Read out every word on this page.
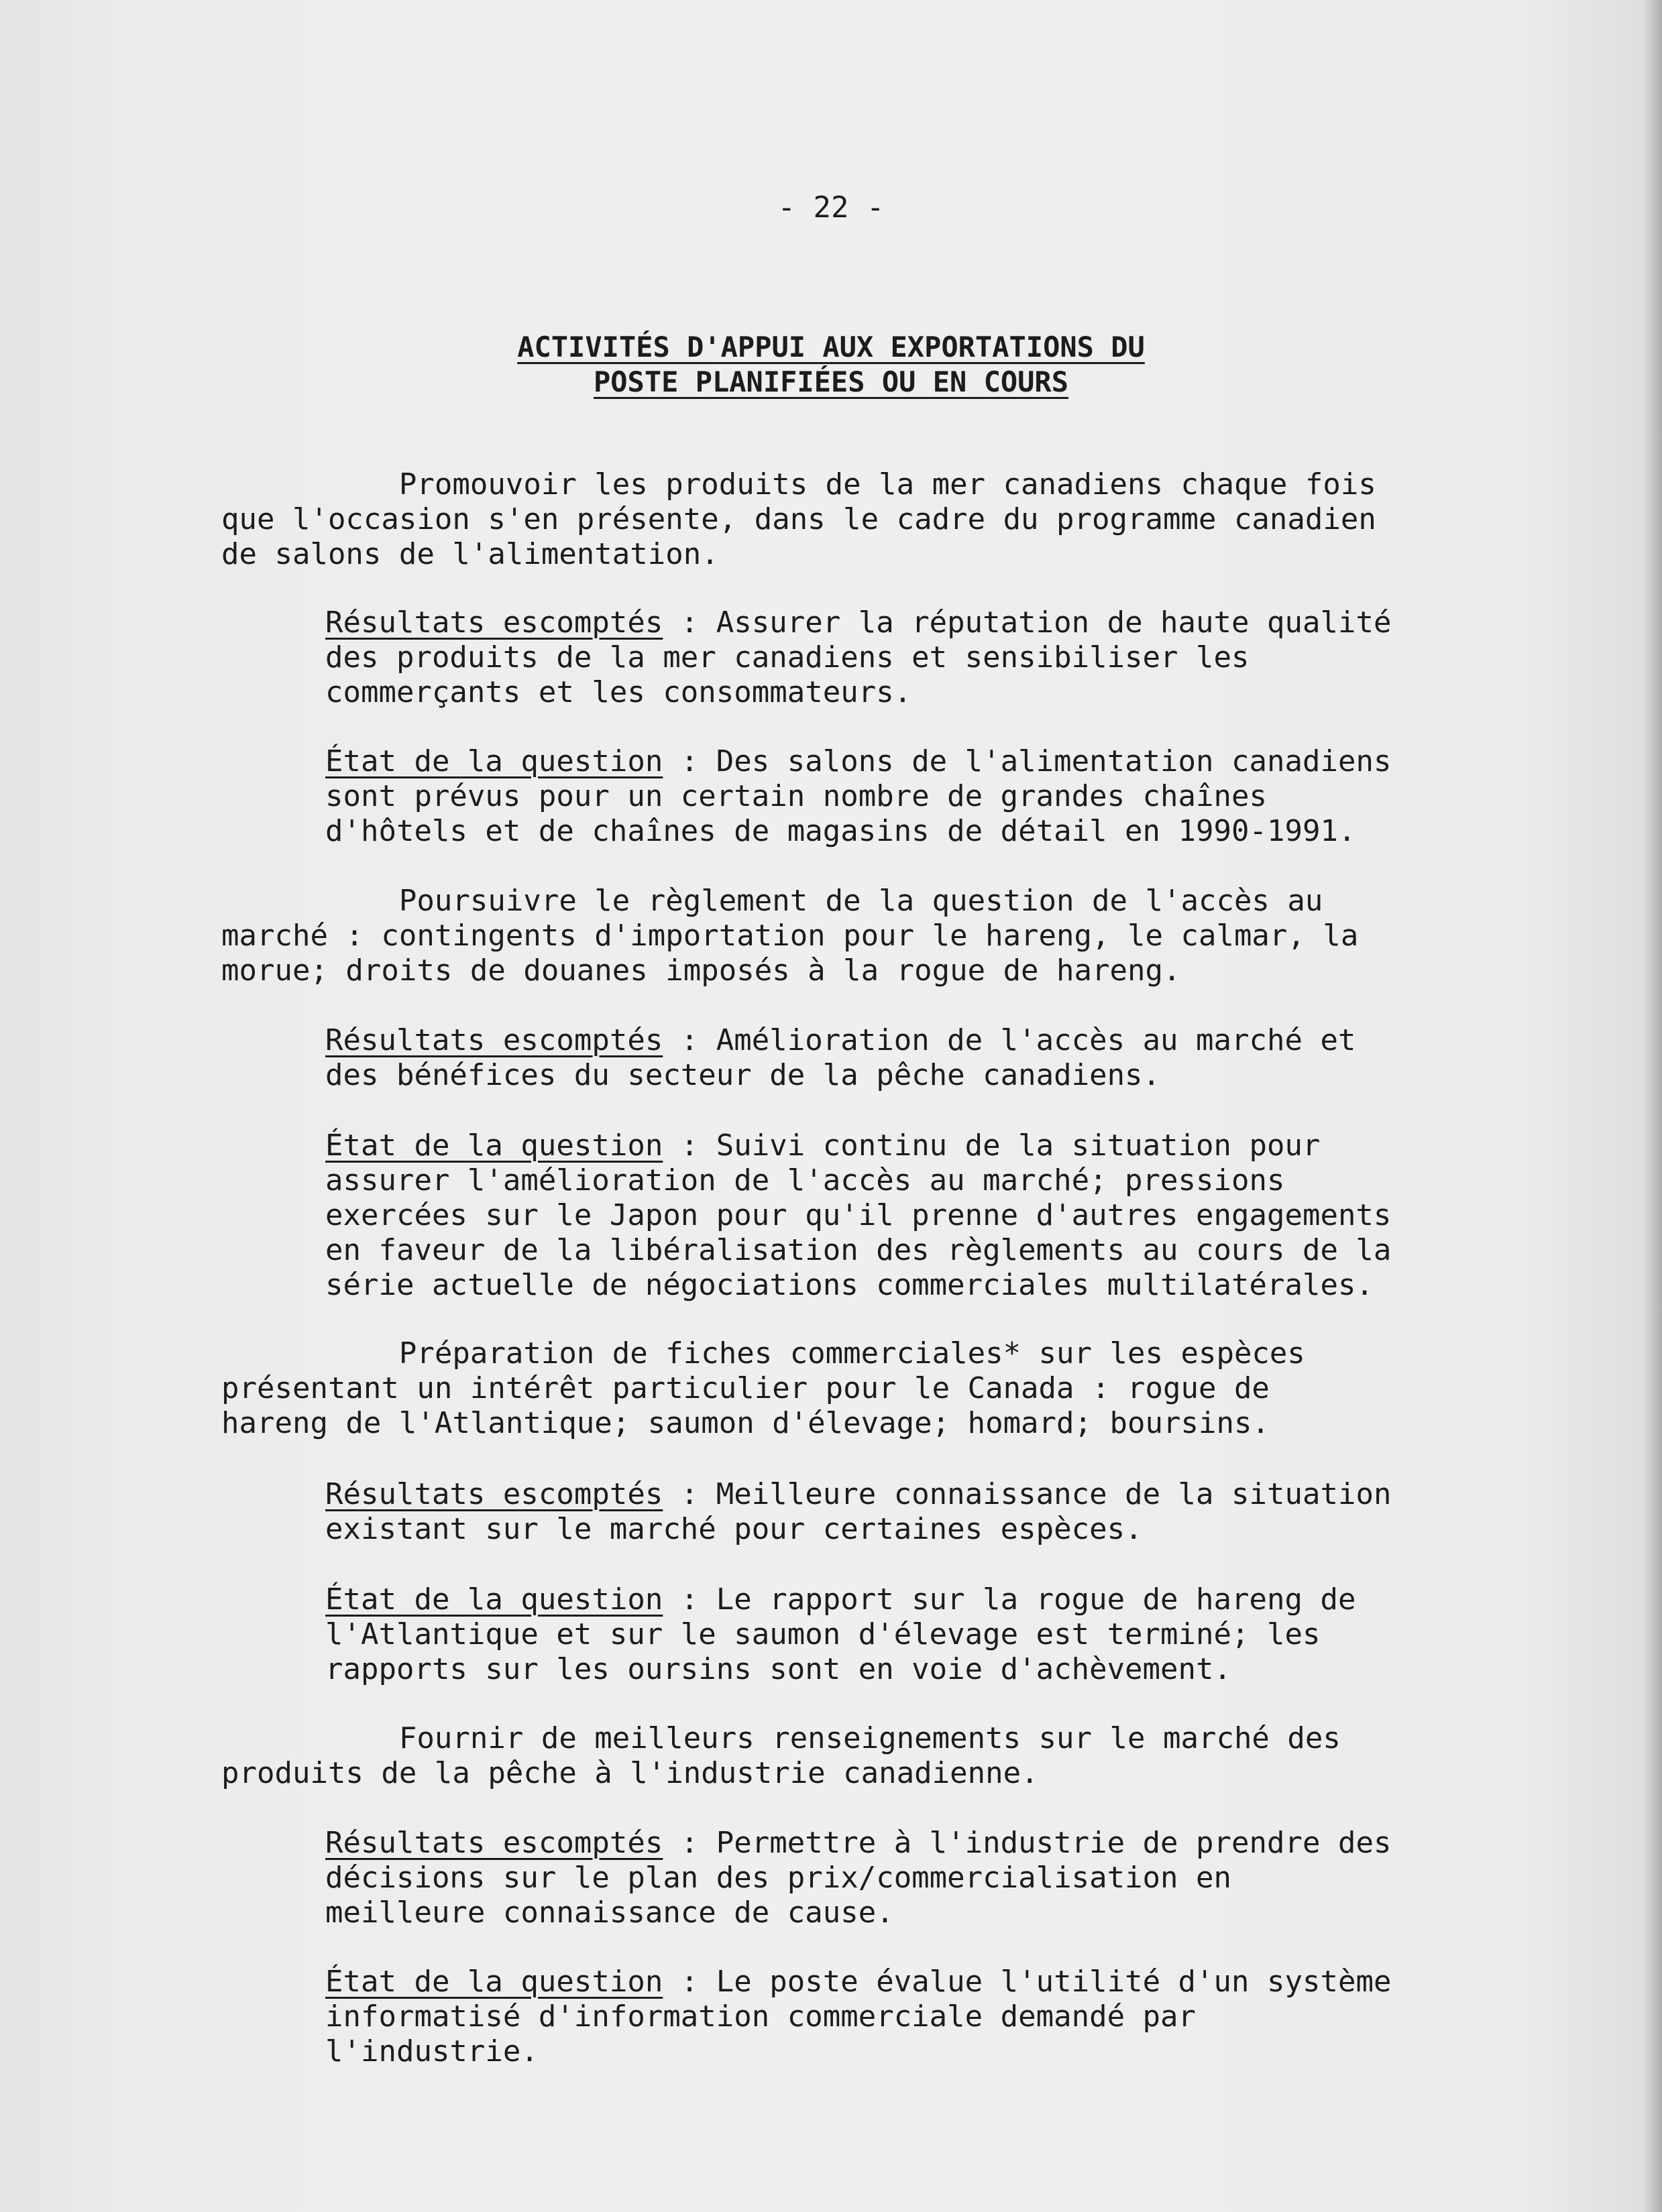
- 22 -
ACTIVITÉS D'APPUI AUX EXPORTATIONS DU
POSTE PLANIFIÉES OU EN COURS
Promouvoir les produits de la mer canadiens chaque fois
que l'occasion s'en présente, dans le cadre du programme canadien
de salons de l'alimentation.
Résultats escomptés : Assurer la réputation de haute qualité
des produits de la mer canadiens et sensibiliser les
commerçants et les consommateurs.
État de la question : Des salons de l'alimentation canadiens
sont prévus pour un certain nombre de grandes chaînes
d'hôtels et de chaînes de magasins de détail en 1990-1991.
Poursuivre le règlement de la question de l'accès au
marché : contingents d'importation pour le hareng, le calmar, la
morue; droits de douanes imposés à la rogue de hareng.
Résultats escomptés : Amélioration de l'accès au marché et
des bénéfices du secteur de la pêche canadiens.
État de la question : Suivi continu de la situation pour
assurer l'amélioration de l'accès au marché; pressions
exercées sur le Japon pour qu'il prenne d'autres engagements
en faveur de la libéralisation des règlements au cours de la
série actuelle de négociations commerciales multilatérales.
Préparation de fiches commerciales* sur les espèces
présentant un intérêt particulier pour le Canada : rogue de
hareng de l'Atlantique; saumon d'élevage; homard; boursins.
Résultats escomptés : Meilleure connaissance de la situation
existant sur le marché pour certaines espèces.
État de la question : Le rapport sur la rogue de hareng de
l'Atlantique et sur le saumon d'élevage est terminé; les
rapports sur les oursins sont en voie d'achèvement.
Fournir de meilleurs renseignements sur le marché des
produits de la pêche à l'industrie canadienne.
Résultats escomptés : Permettre à l'industrie de prendre des
décisions sur le plan des prix/commercialisation en
meilleure connaissance de cause.
État de la question : Le poste évalue l'utilité d'un système
informatisé d'information commerciale demandé par
l'industrie.
